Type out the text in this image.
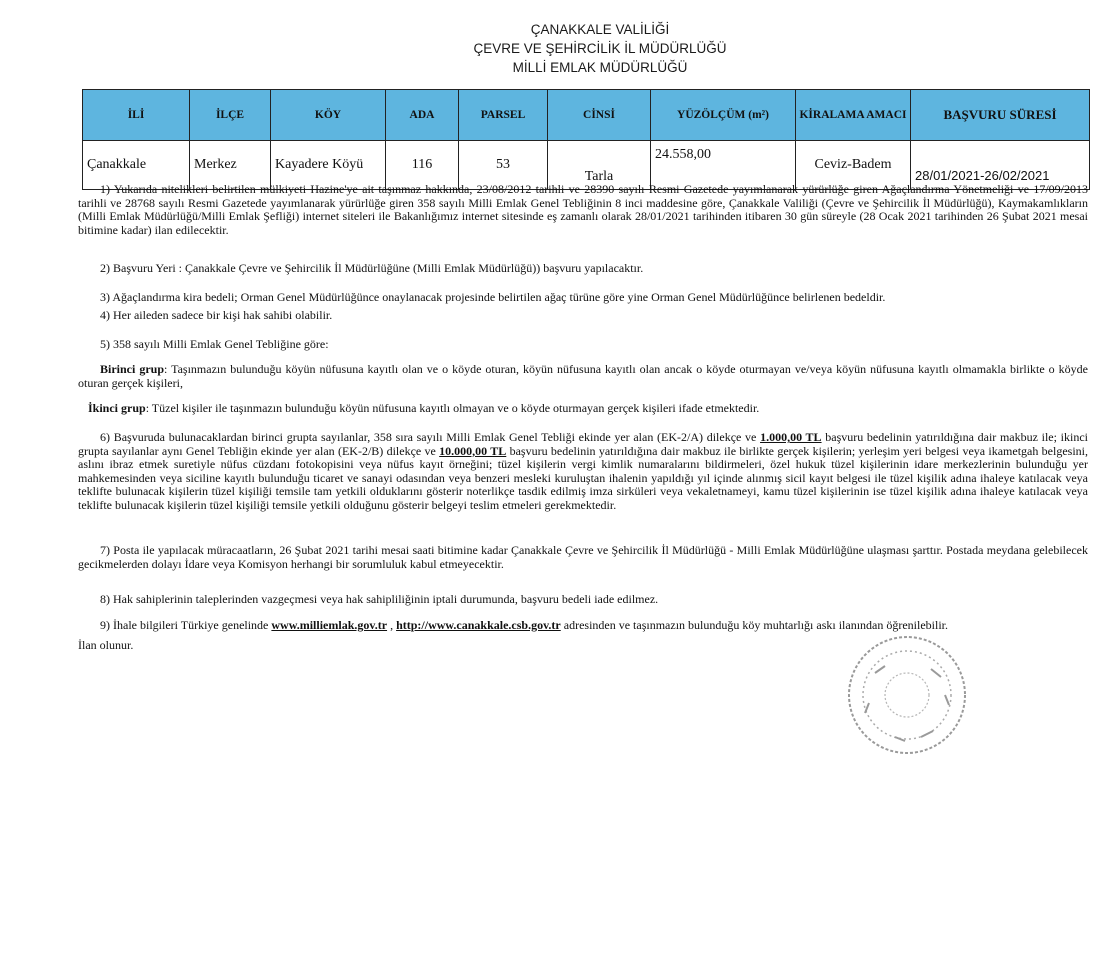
ÇANAKKALE VALİLİĞİ
ÇEVRE VE ŞEHİRCİLİK İL MÜDÜRLÜĞÜ
MİLLİ EMLAK MÜDÜRLÜĞÜ
İLİ	İLÇE	KÖY	ADA	PARSEL	CİNSİ	YÜZÖLÇÜM (m²)	KİRALAMA AMACI	BAŞVURU SÜRESİ
Çanakkale	Merkez	Kayadere Köyü	116	53	Tarla	24.558,00	Ceviz-Badem	28/01/2021-26/02/2021
1) Yukarıda nitelikleri belirtilen mülkiyeti Hazine'ye ait taşınmaz hakkında, 23/08/2012 tarihli ve 28390 sayılı Resmi Gazetede yayımlanarak yürürlüğe giren Ağaçlandırma Yönetmeliği ve 17/09/2013 tarihli ve 28768 sayılı Resmi Gazetede yayımlanarak yürürlüğe giren 358 sayılı Milli Emlak Genel Tebliğinin 8 inci maddesine göre, Çanakkale Valiliği (Çevre ve Şehircilik İl Müdürlüğü), Kaymakamlıkların (Milli Emlak Müdürlüğü/Milli Emlak Şefliği) internet siteleri ile Bakanlığımız internet sitesinde eş zamanlı olarak 28/01/2021 tarihinden itibaren 30 gün süreyle (28 Ocak 2021 tarihinden 26 Şubat 2021 mesai bitimine kadar) ilan edilecektir.
2) Başvuru Yeri : Çanakkale Çevre ve Şehircilik İl Müdürlüğüne (Milli Emlak Müdürlüğü)) başvuru yapılacaktır.
3) Ağaçlandırma kira bedeli; Orman Genel Müdürlüğünce onaylanacak projesinde belirtilen ağaç türüne göre yine Orman Genel Müdürlüğünce belirlenen bedeldir.
4) Her aileden sadece bir kişi hak sahibi olabilir.
5) 358 sayılı Milli Emlak Genel Tebliğine göre:
Birinci grup: Taşınmazın bulunduğu köyün nüfusuna kayıtlı olan ve o köyde oturan, köyün nüfusuna kayıtlı olan ancak o köyde oturmayan ve/veya köyün nüfusuna kayıtlı olmamakla birlikte o köyde oturan gerçek kişileri,
İkinci grup: Tüzel kişiler ile taşınmazın bulunduğu köyün nüfusuna kayıtlı olmayan ve o köyde oturmayan gerçek kişileri ifade etmektedir.
6) Başvuruda bulunacaklardan birinci grupta sayılanlar, 358 sıra sayılı Milli Emlak Genel Tebliği ekinde yer alan (EK-2/A) dilekçe ve 1.000,00 TL başvuru bedelinin yatırıldığına dair makbuz ile; ikinci grupta sayılanlar aynı Genel Tebliğin ekinde yer alan (EK-2/B) dilekçe ve 10.000,00 TL başvuru bedelinin yatırıldığına dair makbuz ile birlikte gerçek kişilerin; yerleşim yeri belgesi veya ikametgah belgesini, aslını ibraz etmek suretiyle nüfus cüzdanı fotokopisini veya nüfus kayıt örneğini; tüzel kişilerin vergi kimlik numaralarını bildirmeleri, özel hukuk tüzel kişilerinin idare merkezlerinin bulunduğu yer mahkemesinden veya siciline kayıtlı bulunduğu ticaret ve sanayi odasından veya benzeri mesleki kuruluştan ihalenin yapıldığı yıl içinde alınmış sicil kayıt belgesi ile tüzel kişilik adına ihaleye katılacak veya teklifte bulunacak kişilerin tüzel kişiliği temsile tam yetkili olduklarını gösterir noterlikçe tasdik edilmiş imza sirküleri veya vekaletnameyi, kamu tüzel kişilerinin ise tüzel kişilik adına ihaleye katılacak veya teklifte bulunacak kişilerin tüzel kişiliği temsile yetkili olduğunu gösterir belgeyi teslim etmeleri gerekmektedir.
7) Posta ile yapılacak müracaatların, 26 Şubat 2021 tarihi mesai saati bitimine kadar Çanakkale Çevre ve Şehircilik İl Müdürlüğü - Milli Emlak Müdürlüğüne ulaşması şarttır. Postada meydana gelebilecek gecikmelerden dolayı İdare veya Komisyon herhangi bir sorumluluk kabul etmeyecektir.
8) Hak sahiplerinin taleplerinden vazgeçmesi veya hak sahipliliğinin iptali durumunda, başvuru bedeli iade edilmez.
9) İhale bilgileri Türkiye genelinde www.milliemlak.gov.tr , http://www.canakkale.csb.gov.tr adresinden ve taşınmazın bulunduğu köy muhtarlığı askı ilanından öğrenilebilir.
İlan olunur.
